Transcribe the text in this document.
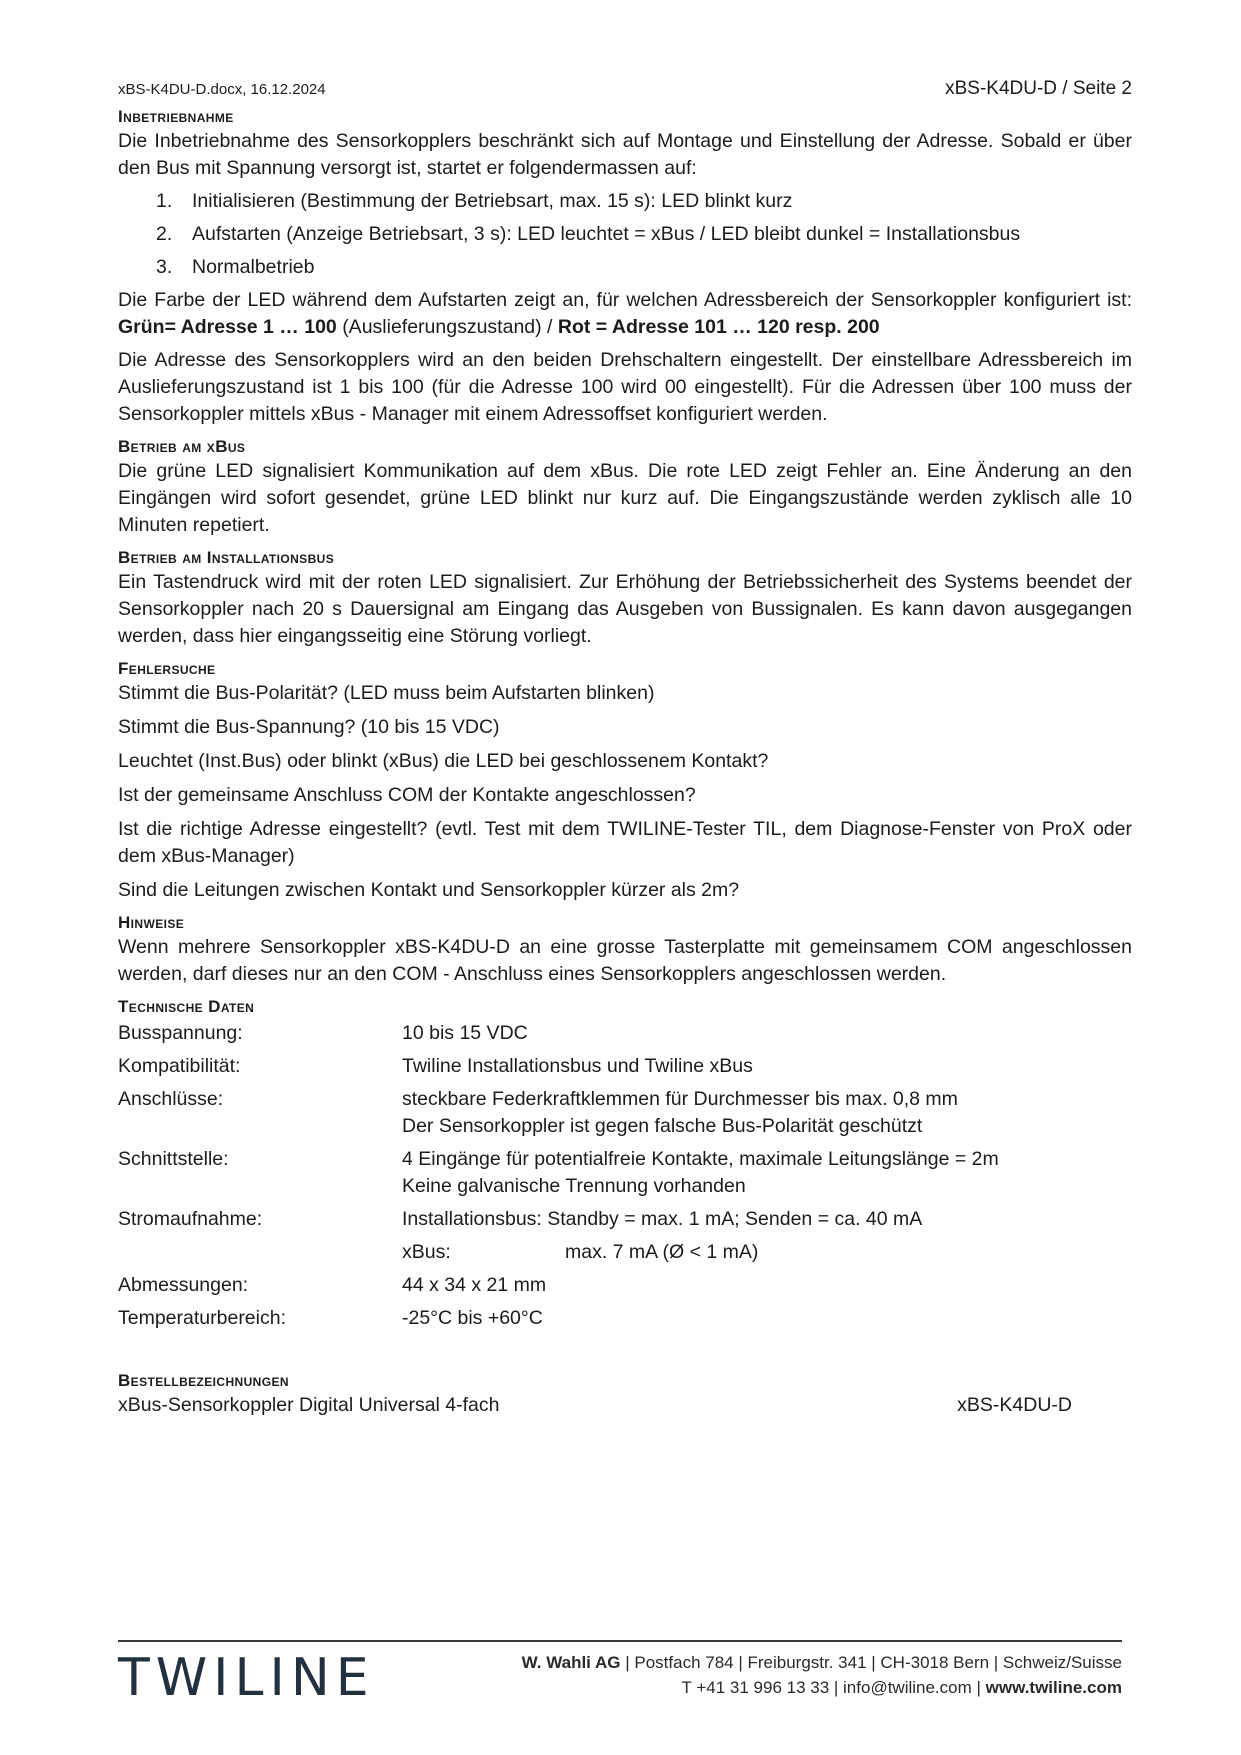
xBS-K4DU-D.docx, 16.12.2024	xBS-K4DU-D / Seite 2
Inbetriebnahme

Die Inbetriebnahme des Sensorkopplers beschränkt sich auf Montage und Einstellung der Adresse. Sobald er über den Bus mit Spannung versorgt ist, startet er folgendermassen auf:

1.	Initialisieren (Bestimmung der Betriebsart, max. 15 s): LED blinkt kurz
2.	Aufstarten (Anzeige Betriebsart, 3 s): LED leuchtet = xBus / LED bleibt dunkel = Installationsbus
3.	Normalbetrieb

Die Farbe der LED während dem Aufstarten zeigt an, für welchen Adressbereich der Sensorkoppler konfiguriert ist: Grün= Adresse 1 … 100 (Auslieferungszustand) / Rot = Adresse 101 … 120 resp. 200

Die Adresse des Sensorkopplers wird an den beiden Drehschaltern eingestellt. Der einstellbare Adressbereich im Auslieferungszustand ist 1 bis 100 (für die Adresse 100 wird 00 eingestellt). Für die Adressen über 100 muss der Sensorkoppler mittels xBus - Manager mit einem Adressoffset konfiguriert werden.

Betrieb am xBus

Die grüne LED signalisiert Kommunikation auf dem xBus. Die rote LED zeigt Fehler an. Eine Änderung an den Eingängen wird sofort gesendet, grüne LED blinkt nur kurz auf. Die Eingangszustände werden zyklisch alle 10 Minuten repetiert.

Betrieb am Installationsbus

Ein Tastendruck wird mit der roten LED signalisiert. Zur Erhöhung der Betriebssicherheit des Systems beendet der Sensorkoppler nach 20 s Dauersignal am Eingang das Ausgeben von Bussignalen. Es kann davon ausgegangen werden, dass hier eingangsseitig eine Störung vorliegt.

Fehlersuche

Stimmt die Bus-Polarität? (LED muss beim Aufstarten blinken)

Stimmt die Bus-Spannung? (10 bis 15 VDC)

Leuchtet (Inst.Bus) oder blinkt (xBus) die LED bei geschlossenem Kontakt?

Ist der gemeinsame Anschluss COM der Kontakte angeschlossen?

Ist die richtige Adresse eingestellt? (evtl. Test mit dem TWILINE-Tester TIL, dem Diagnose-Fenster von ProX oder dem xBus-Manager)

Sind die Leitungen zwischen Kontakt und Sensorkoppler kürzer als 2m?

Hinweise

Wenn mehrere Sensorkoppler xBS-K4DU-D an eine grosse Tasterplatte mit gemeinsamem COM angeschlossen werden, darf dieses nur an den COM - Anschluss eines Sensorkopplers angeschlossen werden.

Technische Daten
Busspannung:	10 bis 15 VDC
Kompatibilität:	Twiline Installationsbus und Twiline xBus
Anschlüsse:	steckbare Federkraftklemmen für Durchmesser bis max. 0,8 mm
Der Sensorkoppler ist gegen falsche Bus-Polarität geschützt

Schnittstelle:	4 Eingänge für potentialfreie Kontakte, maximale Leitungslänge = 2m
Keine galvanische Trennung vorhanden

Stromaufnahme:	Installationsbus: Standby = max. 1 mA; Senden = ca. 40 mA
xBus: max. 7 mA (Ø < 1 mA)

Abmessungen:	44 x 34 x 21 mm
Temperaturbereich:	-25°C bis +60°C
Bestellbezeichnungen
xBus-Sensorkoppler Digital Universal 4-fach	xBS-K4DU-D
TWILINE	W. Wahli AG | Postfach 784 | Freiburgstr. 341 | CH-3018 Bern | Schweiz/Suisse
T +41 31 996 13 33 | info@twiline.com | www.twiline.com
